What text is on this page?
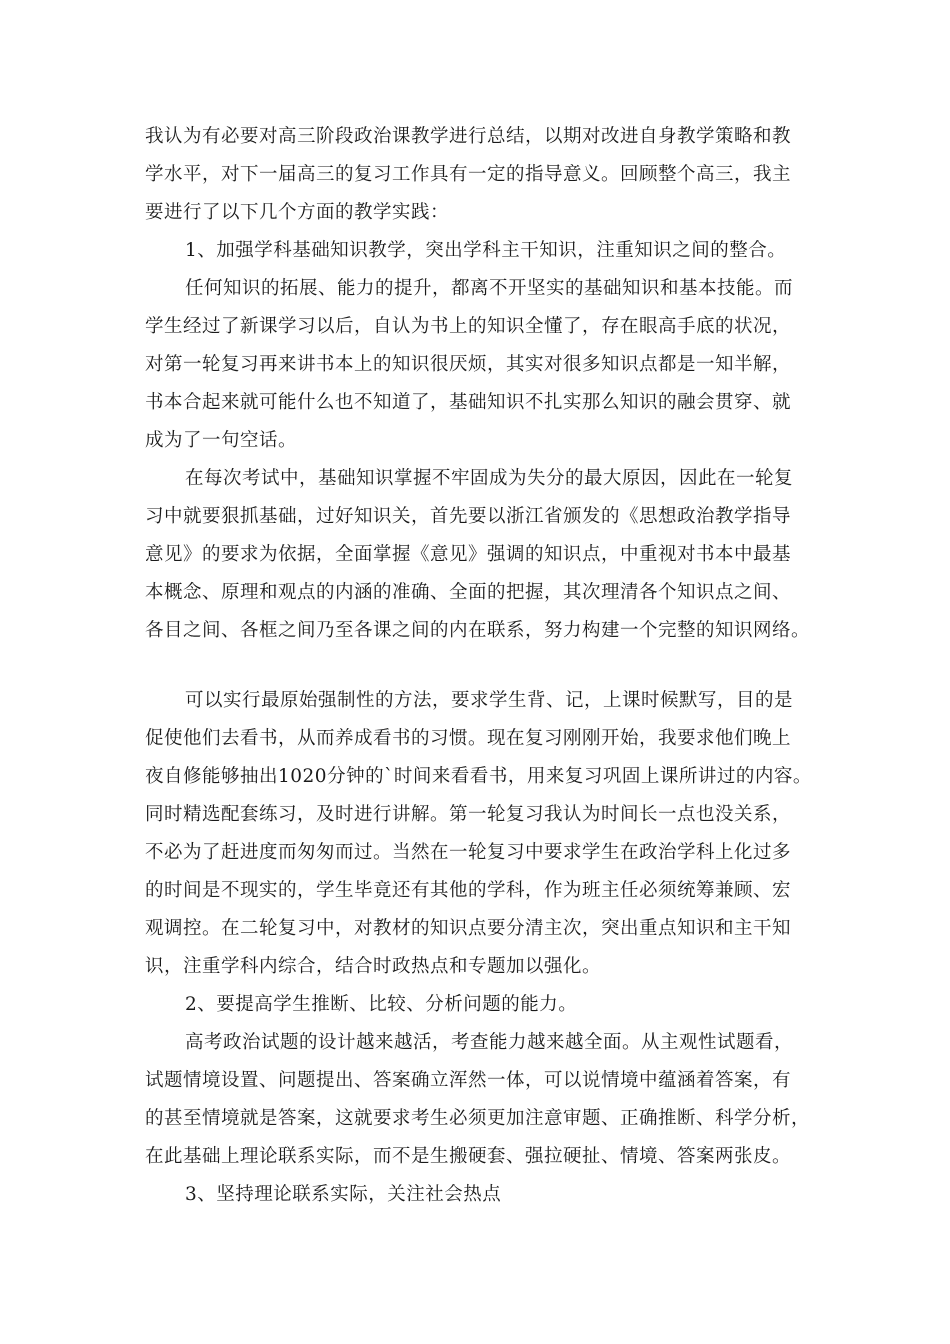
我认为有必要对高三阶段政治课教学进行总结，以期对改进自身教学策略和教
学水平，对下一届高三的复习工作具有一定的指导意义。回顾整个高三，我主
要进行了以下几个方面的教学实践：
1、加强学科基础知识教学，突出学科主干知识，注重知识之间的整合。
任何知识的拓展、能力的提升，都离不开坚实的基础知识和基本技能。而
学生经过了新课学习以后，自认为书上的知识全懂了，存在眼高手底的状况，
对第一轮复习再来讲书本上的知识很厌烦，其实对很多知识点都是一知半解，
书本合起来就可能什么也不知道了，基础知识不扎实那么知识的融会贯穿、就
成为了一句空话。
在每次考试中，基础知识掌握不牢固成为失分的最大原因，因此在一轮复
习中就要狠抓基础，过好知识关，首先要以浙江省颁发的《思想政治教学指导
意见》的要求为依据，全面掌握《意见》强调的知识点，中重视对书本中最基
本概念、原理和观点的内涵的准确、全面的把握，其次理清各个知识点之间、
各目之间、各框之间乃至各课之间的内在联系，努力构建一个完整的知识网络。
可以实行最原始强制性的方法，要求学生背、记，上课时候默写，目的是
促使他们去看书，从而养成看书的习惯。现在复习刚刚开始，我要求他们晚上
夜自修能够抽出1020分钟的`时间来看看书，用来复习巩固上课所讲过的内容。
同时精选配套练习，及时进行讲解。第一轮复习我认为时间长一点也没关系，
不必为了赶进度而匆匆而过。当然在一轮复习中要求学生在政治学科上化过多
的时间是不现实的，学生毕竟还有其他的学科，作为班主任必须统筹兼顾、宏
观调控。在二轮复习中，对教材的知识点要分清主次，突出重点知识和主干知
识，注重学科内综合，结合时政热点和专题加以强化。
2、要提高学生推断、比较、分析问题的能力。
高考政治试题的设计越来越活，考查能力越来越全面。从主观性试题看，
试题情境设置、问题提出、答案确立浑然一体，可以说情境中蕴涵着答案，有
的甚至情境就是答案，这就要求考生必须更加注意审题、正确推断、科学分析，
在此基础上理论联系实际，而不是生搬硬套、强拉硬扯、情境、答案两张皮。
3、坚持理论联系实际，关注社会热点
